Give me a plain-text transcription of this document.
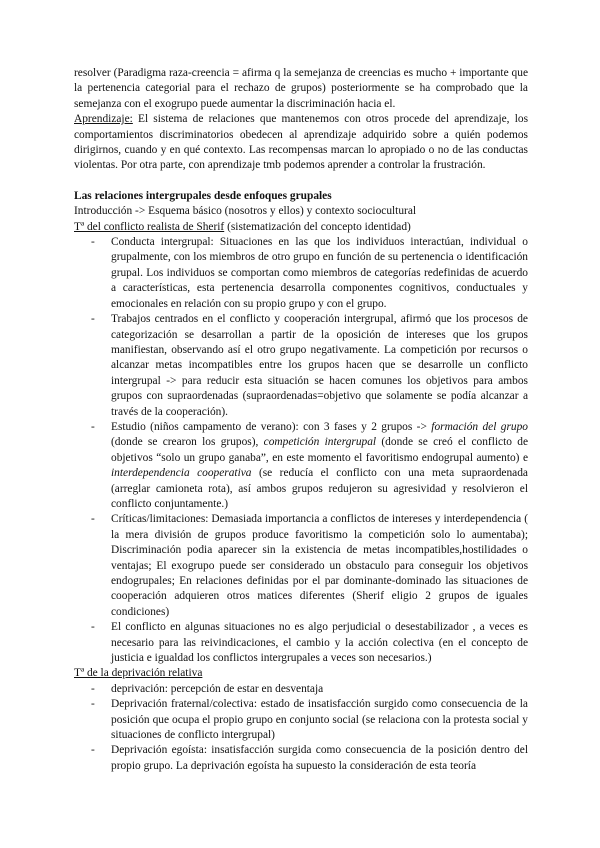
resolver (Paradigma raza-creencia = afirma q la semejanza de creencias es mucho + importante que la pertenencia categorial para el rechazo de grupos) posteriormente se ha comprobado que la semejanza con el exogrupo puede aumentar la discriminación hacia el.

Aprendizaje: El sistema de relaciones que mantenemos con otros procede del aprendizaje, los comportamientos discriminatorios obedecen al aprendizaje adquirido sobre a quién podemos dirigirnos, cuando y en qué contexto. Las recompensas marcan lo apropiado o no de las conductas violentas. Por otra parte, con aprendizaje tmb podemos aprender a controlar la frustración.

Las relaciones intergrupales desde enfoques grupales

Introducción -> Esquema básico (nosotros y ellos) y contexto sociocultural

Tª del conflicto realista de Sherif (sistematización del concepto identidad)

- Conducta intergrupal: Situaciones en las que los individuos interactúan, individual o grupalmente, con los miembros de otro grupo en función de su pertenencia o identificación grupal. Los individuos se comportan como miembros de categorías redefinidas de acuerdo a características, esta pertenencia desarrolla componentes cognitivos, conductuales y emocionales en relación con su propio grupo y con el grupo.
- Trabajos centrados en el conflicto y cooperación intergrupal, afirmó que los procesos de categorización se desarrollan a partir de la oposición de intereses que los grupos manifiestan, observando así el otro grupo negativamente. La competición por recursos o alcanzar metas incompatibles entre los grupos hacen que se desarrolle un conflicto intergrupal -> para reducir esta situación se hacen comunes los objetivos para ambos grupos con supraordenadas (supraordenadas=objetivo que solamente se podía alcanzar a través de la cooperación).
- Estudio (niños campamento de verano): con 3 fases y 2 grupos -> formación del grupo (donde se crearon los grupos), competición intergrupal (donde se creó el conflicto de objetivos “solo un grupo ganaba”, en este momento el favoritismo endogrupal aumento) e interdependencia cooperativa (se reducía el conflicto con una meta supraordenada (arreglar camioneta rota), así ambos grupos redujeron su agresividad y resolvieron el conflicto conjuntamente.)
- Críticas/limitaciones: Demasiada importancia a conflictos de intereses y interdependencia ( la mera división de grupos produce favoritismo la competición solo lo aumentaba); Discriminación podia aparecer sin la existencia de metas incompatibles,hostilidades o ventajas; El exogrupo puede ser considerado un obstaculo para conseguir los objetivos endogrupales; En relaciones definidas por el par dominante-dominado las situaciones de cooperación adquieren otros matices diferentes (Sherif eligio 2 grupos de iguales condiciones)
- El conflicto en algunas situaciones no es algo perjudicial o desestabilizador , a veces es necesario para las reivindicaciones, el cambio y la acción colectiva (en el concepto de justicia e igualdad los conflictos intergrupales a veces son necesarios.)

Tª de la deprivación relativa

- deprivación: percepción de estar en desventaja
- Deprivación fraternal/colectiva: estado de insatisfacción surgido como consecuencia de la posición que ocupa el propio grupo en conjunto social (se relaciona con la protesta social y situaciones de conflicto intergrupal)
- Deprivación egoísta: insatisfacción surgida como consecuencia de la posición dentro del propio grupo. La deprivación egoísta ha supuesto la consideración de esta teoría
